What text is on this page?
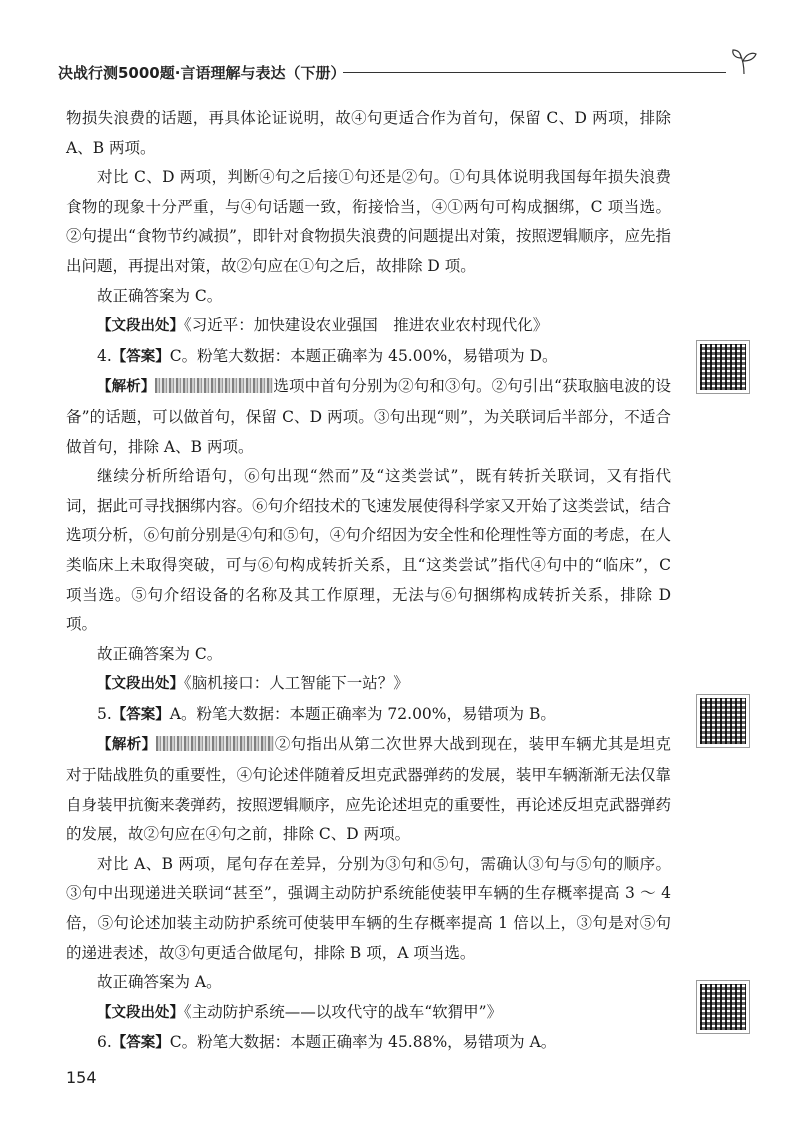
决战行测5000题·言语理解与表达（下册）

物损失浪费的话题，再具体论证说明，故④句更适合作为首句，保留 C、D 两项，排除 A、B 两项。

对比 C、D 两项，判断④句之后接①句还是②句。①句具体说明我国每年损失浪费食物的现象十分严重，与④句话题一致，衔接恰当，④①两句可构成捆绑，C 项当选。②句提出“食物节约减损”，即针对食物损失浪费的问题提出对策，按照逻辑顺序，应先指出问题，再提出对策，故②句应在①句之后，故排除 D 项。

故正确答案为 C。

【文段出处】《习近平：加快建设农业强国　推进农业农村现代化》

4.【答案】C。粉笔大数据：本题正确率为 45.00%，易错项为 D。

【解析】	选项中首句分别为②句和③句。②句引出“获取脑电波的设备”的话题，可以做首句，保留 C、D 两项。③句出现“则”，为关联词后半部分，不适合做首句，排除 A、B 两项。

继续分析所给语句，⑥句出现“然而”及“这类尝试”，既有转折关联词，又有指代词，据此可寻找捆绑内容。⑥句介绍技术的飞速发展使得科学家又开始了这类尝试，结合选项分析，⑥句前分别是④句和⑤句，④句介绍因为安全性和伦理性等方面的考虑，在人类临床上未取得突破，可与⑥句构成转折关系，且“这类尝试”指代④句中的“临床”，C 项当选。⑤句介绍设备的名称及其工作原理，无法与⑥句捆绑构成转折关系，排除 D 项。

故正确答案为 C。

【文段出处】《脑机接口：人工智能下一站？》

5.【答案】A。粉笔大数据：本题正确率为 72.00%，易错项为 B。

【解析】	②句指出从第二次世界大战到现在，装甲车辆尤其是坦克对于陆战胜负的重要性，④句论述伴随着反坦克武器弹药的发展，装甲车辆渐渐无法仅靠自身装甲抗衡来袭弹药，按照逻辑顺序，应先论述坦克的重要性，再论述反坦克武器弹药的发展，故②句应在④句之前，排除 C、D 两项。

对比 A、B 两项，尾句存在差异，分别为③句和⑤句，需确认③句与⑤句的顺序。③句中出现递进关联词“甚至”，强调主动防护系统能使装甲车辆的生存概率提高 3 ～ 4 倍，⑤句论述加装主动防护系统可使装甲车辆的生存概率提高 1 倍以上，③句是对⑤句的递进表述，故③句更适合做尾句，排除 B 项，A 项当选。

故正确答案为 A。

【文段出处】《主动防护系统——以攻代守的战车“软猬甲”》

6.【答案】C。粉笔大数据：本题正确率为 45.88%，易错项为 A。

154
